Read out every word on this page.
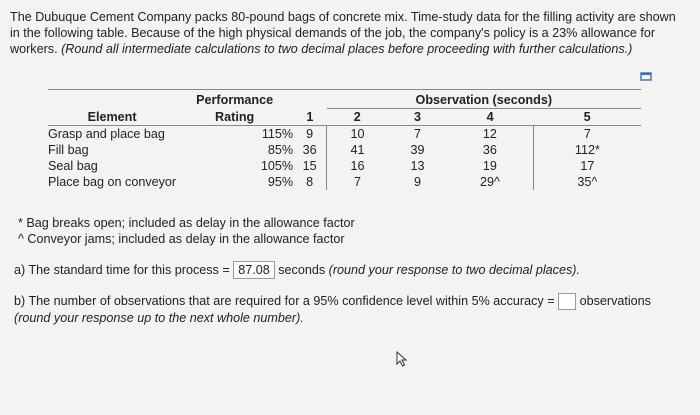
The Dubuque Cement Company packs 80-pound bags of concrete mix. Time-study data for the filling activity are shown in the following table. Because of the high physical demands of the job, the company's policy is a 23% allowance for workers. (Round all intermediate calculations to two decimal places before proceeding with further calculations.)

	Performance		Observation (seconds)			
Element	Rating	1	2	3	4	5
Grasp and place bag	115%	9	10	7	12	7
Fill bag	85%	36	41	39	36	112*
Seal bag	105%	15	16	13	19	17
Place bag on conveyor	95%	8	7	9	29^	35^
* Bag breaks open; included as delay in the allowance factor
^ Conveyor jams; included as delay in the allowance factor
a) The standard time for this process = 87.08 seconds (round your response to two decimal places).
b) The number of observations that are required for a 95% confidence level within 5% accuracy = observations
(round your response up to the next whole number).
